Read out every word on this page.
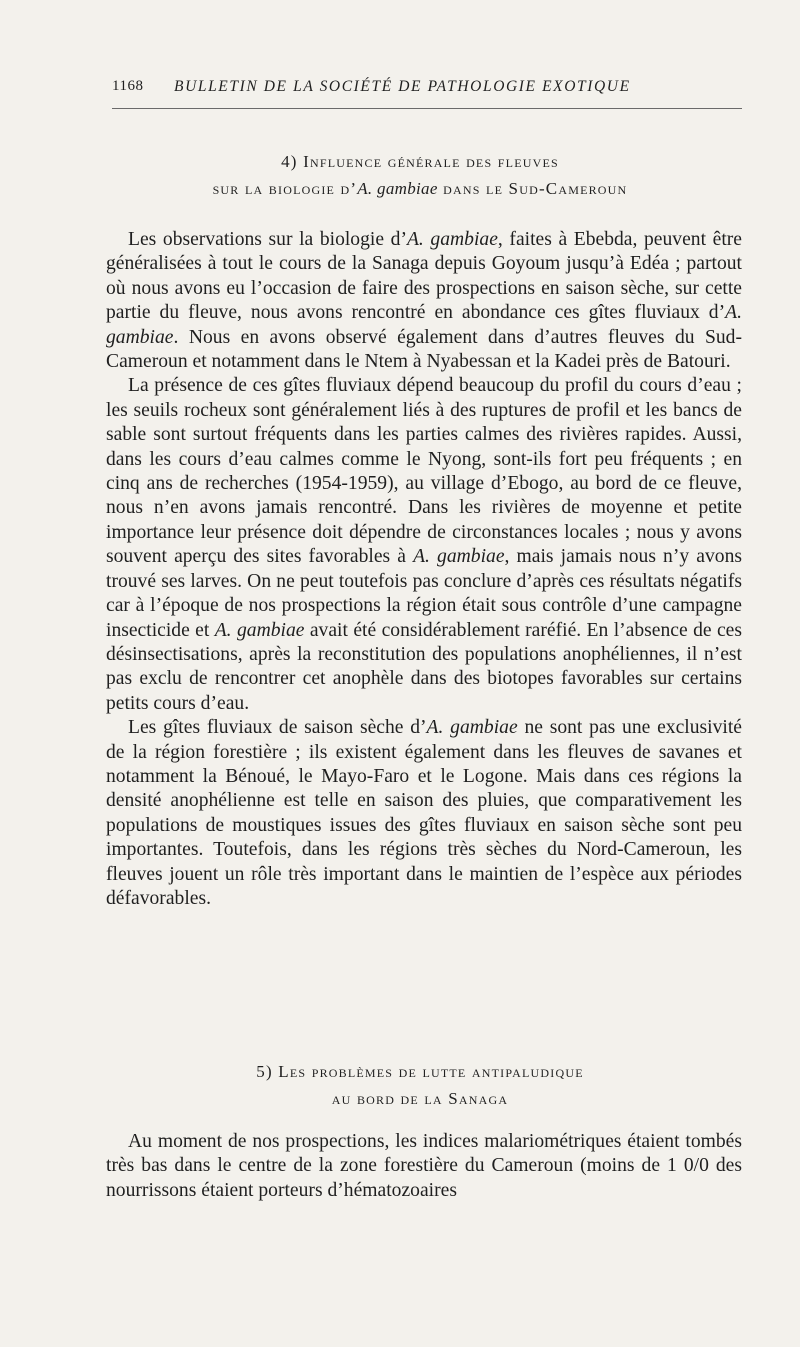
1168 BULLETIN DE LA SOCIÉTÉ DE PATHOLOGIE EXOTIQUE
4) Influence générale des fleuves
sur la biologie d’A. gambiae dans le Sud-Cameroun

Les observations sur la biologie d’A. gambiae, faites à Ebebda, peuvent être généralisées à tout le cours de la Sanaga depuis Goyoum jusqu’à Edéa ; partout où nous avons eu l’occasion de faire des prospections en saison sèche, sur cette partie du fleuve, nous avons rencontré en abondance ces gîtes fluviaux d’A. gambiae. Nous en avons observé également dans d’autres fleuves du Sud-Cameroun et notamment dans le Ntem à Nyabessan et la Kadei près de Batouri.

La présence de ces gîtes fluviaux dépend beaucoup du profil du cours d’eau ; les seuils rocheux sont généralement liés à des ruptures de profil et les bancs de sable sont surtout fréquents dans les parties calmes des rivières rapides. Aussi, dans les cours d’eau calmes comme le Nyong, sont-ils fort peu fréquents ; en cinq ans de recherches (1954-1959), au village d’Ebogo, au bord de ce fleuve, nous n’en avons jamais rencontré. Dans les rivières de moyenne et petite importance leur présence doit dépendre de circonstances locales ; nous y avons souvent aperçu des sites favorables à A. gambiae, mais jamais nous n’y avons trouvé ses larves. On ne peut toutefois pas conclure d’après ces résultats négatifs car à l’époque de nos prospections la région était sous contrôle d’une campagne insecticide et A. gambiae avait été considérablement raréfié. En l’absence de ces désinsectisations, après la reconstitution des populations anophéliennes, il n’est pas exclu de rencontrer cet anophèle dans des biotopes favorables sur certains petits cours d’eau.

Les gîtes fluviaux de saison sèche d’A. gambiae ne sont pas une exclusivité de la région forestière ; ils existent également dans les fleuves de savanes et notamment la Bénoué, le Mayo-Faro et le Logone. Mais dans ces régions la densité anophélienne est telle en saison des pluies, que comparativement les populations de moustiques issues des gîtes fluviaux en saison sèche sont peu importantes. Toutefois, dans les régions très sèches du Nord-Cameroun, les fleuves jouent un rôle très important dans le maintien de l’espèce aux périodes défavorables.

5) Les problèmes de lutte antipaludique
au bord de la Sanaga

Au moment de nos prospections, les indices malariométriques étaient tombés très bas dans le centre de la zone forestière du Cameroun (moins de 1 0/0 des nourrissons étaient porteurs d’hématozoaires
